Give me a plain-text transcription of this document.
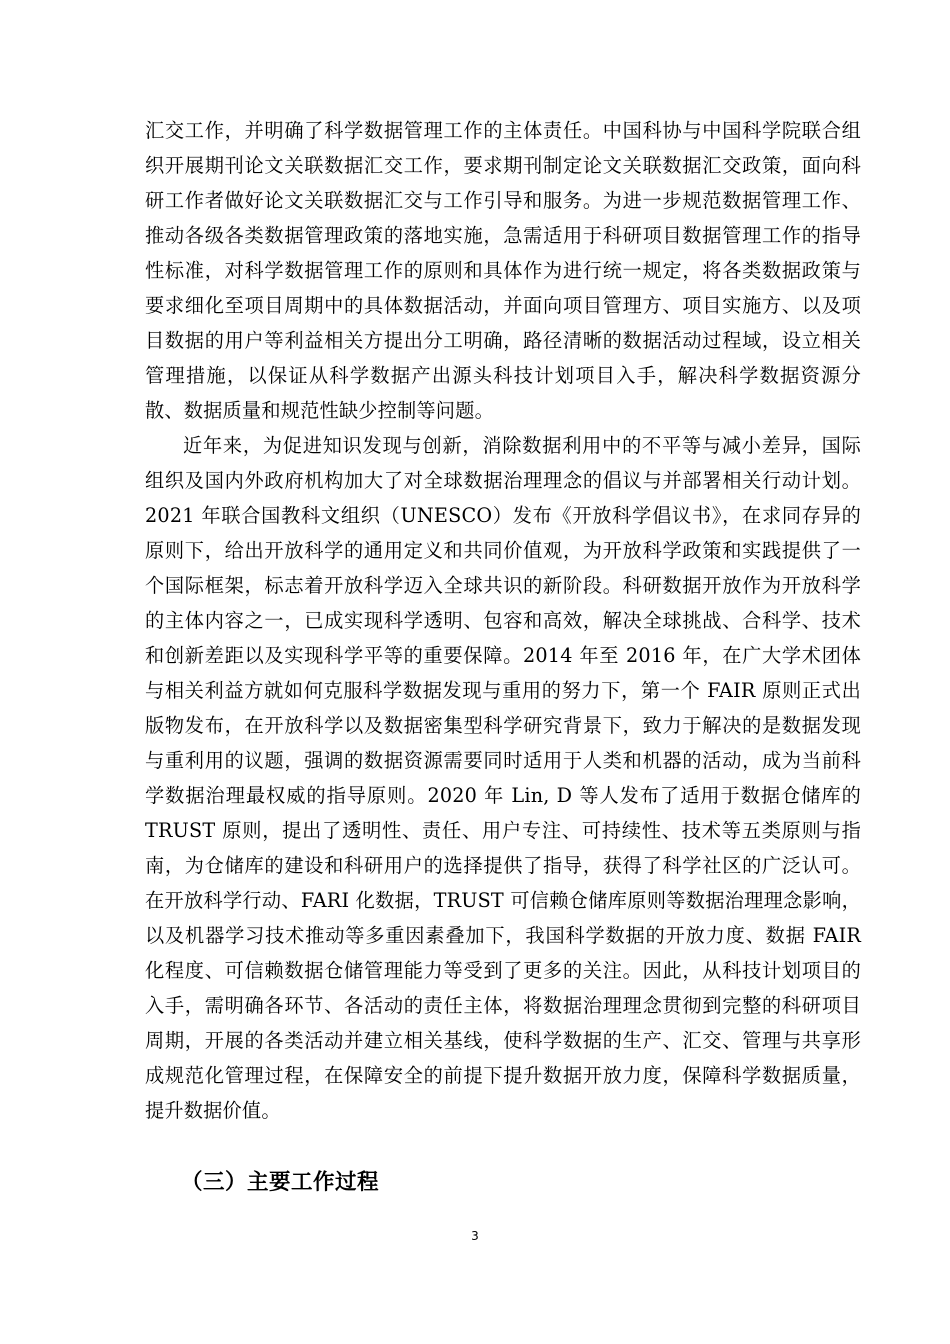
汇交工作，并明确了科学数据管理工作的主体责任。中国科协与中国科学院联合组织开展期刊论文关联数据汇交工作，要求期刊制定论文关联数据汇交政策，面向科研工作者做好论文关联数据汇交与工作引导和服务。为进一步规范数据管理工作、推动各级各类数据管理政策的落地实施，急需适用于科研项目数据管理工作的指导性标准，对科学数据管理工作的原则和具体作为进行统一规定，将各类数据政策与要求细化至项目周期中的具体数据活动，并面向项目管理方、项目实施方、以及项目数据的用户等利益相关方提出分工明确，路径清晰的数据活动过程域，设立相关管理措施，以保证从科学数据产出源头科技计划项目入手，解决科学数据资源分散、数据质量和规范性缺少控制等问题。

近年来，为促进知识发现与创新，消除数据利用中的不平等与减小差异，国际组织及国内外政府机构加大了对全球数据治理理念的倡议与并部署相关行动计划。2021 年联合国教科文组织（UNESCO）发布《开放科学倡议书》，在求同存异的原则下，给出开放科学的通用定义和共同价值观，为开放科学政策和实践提供了一个国际框架，标志着开放科学迈入全球共识的新阶段。科研数据开放作为开放科学的主体内容之一，已成实现科学透明、包容和高效，解决全球挑战、合科学、技术和创新差距以及实现科学平等的重要保障。2014 年至 2016 年，在广大学术团体与相关利益方就如何克服科学数据发现与重用的努力下，第一个 FAIR 原则正式出版物发布，在开放科学以及数据密集型科学研究背景下，致力于解决的是数据发现与重利用的议题，强调的数据资源需要同时适用于人类和机器的活动，成为当前科学数据治理最权威的指导原则。2020 年 Lin, D 等人发布了适用于数据仓储库的 TRUST 原则，提出了透明性、责任、用户专注、可持续性、技术等五类原则与指南，为仓储库的建设和科研用户的选择提供了指导，获得了科学社区的广泛认可。 在开放科学行动、FARI 化数据，TRUST 可信赖仓储库原则等数据治理理念影响，以及机器学习技术推动等多重因素叠加下，我国科学数据的开放力度、数据 FAIR 化程度、可信赖数据仓储管理能力等受到了更多的关注。因此，从科技计划项目的入手，需明确各环节、各活动的责任主体，将数据治理理念贯彻到完整的科研项目周期，开展的各类活动并建立相关基线，使科学数据的生产、汇交、管理与共享形成规范化管理过程，在保障安全的前提下提升数据开放力度，保障科学数据质量，提升数据价值。

（三）主要工作过程
3
